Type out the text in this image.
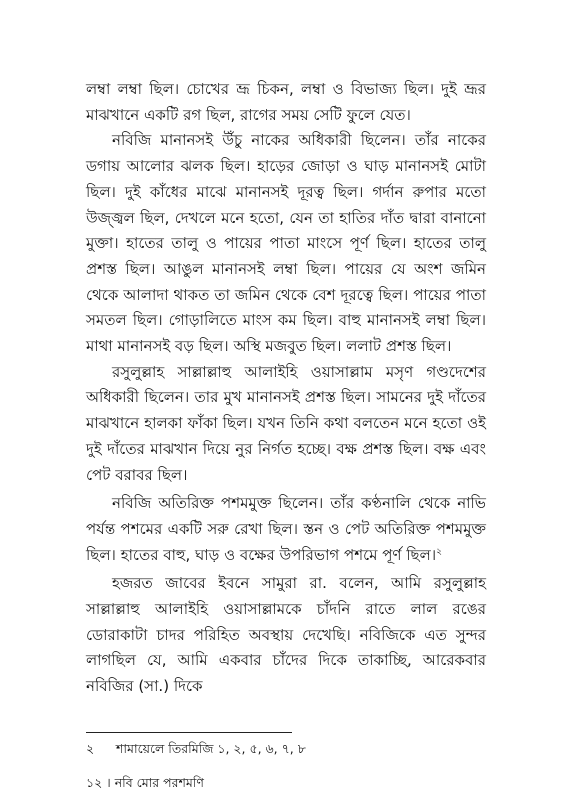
লম্বা লম্বা ছিল। চোখের ভ্রূ চিকন, লম্বা ও বিভাজ্য ছিল। দুই ভ্রূর মাঝখানে একটি রগ ছিল, রাগের সময় সেটি ফুলে যেত।

নবিজি মানানসই উঁচু নাকের অধিকারী ছিলেন। তাঁর নাকের ডগায় আলোর ঝলক ছিল। হাড়ের জোড়া ও ঘাড় মানানসই মোটা ছিল। দুই কাঁধের মাঝে মানানসই দূরত্ব ছিল। গর্দান রুপার মতো উজ্জ্বল ছিল, দেখলে মনে হতো, যেন তা হাতির দাঁত দ্বারা বানানো মুক্তা। হাতের তালু ও পায়ের পাতা মাংসে পূর্ণ ছিল। হাতের তালু প্রশস্ত ছিল। আঙুল মানানসই লম্বা ছিল। পায়ের যে অংশ জমিন থেকে আলাদা থাকত তা জমিন থেকে বেশ দূরত্বে ছিল। পায়ের পাতা সমতল ছিল। গোড়ালিতে মাংস কম ছিল। বাহু মানানসই লম্বা ছিল। মাথা মানানসই বড় ছিল। অস্থি মজবুত ছিল। ললাট প্রশস্ত ছিল।

রসুলুল্লাহ সাল্লাল্লাহু আলাইহি ওয়াসাল্লাম মসৃণ গণ্ডদেশের অধিকারী ছিলেন। তার মুখ মানানসই প্রশস্ত ছিল। সামনের দুই দাঁতের মাঝখানে হালকা ফাঁকা ছিল। যখন তিনি কথা বলতেন মনে হতো ওই দুই দাঁতের মাঝখান দিয়ে নুর নির্গত হচ্ছে। বক্ষ প্রশস্ত ছিল। বক্ষ এবং পেট বরাবর ছিল।

নবিজি অতিরিক্ত পশমমুক্ত ছিলেন। তাঁর কণ্ঠনালি থেকে নাভি পর্যন্ত পশমের একটি সরু রেখা ছিল। স্তন ও পেট অতিরিক্ত পশমমুক্ত ছিল। হাতের বাহু, ঘাড় ও বক্ষের উপরিভাগ পশমে পূর্ণ ছিল।$^২$

হজরত জাবের ইবনে সামুরা রা. বলেন, আমি রসুলুল্লাহ সাল্লাল্লাহু আলাইহি ওয়াসাল্লামকে চাঁদনি রাতে লাল রঙের ডোরাকাটা চাদর পরিহিত অবস্থায় দেখেছি। নবিজিকে এত সুন্দর লাগছিল যে, আমি একবার চাঁদের দিকে তাকাচ্ছি, আরেকবার নবিজির (সা.) দিকে

২ শামায়েলে তিরমিজি ১, ২, ৫, ৬, ৭, ৮
১২ । নবি মোর পরশমণি
